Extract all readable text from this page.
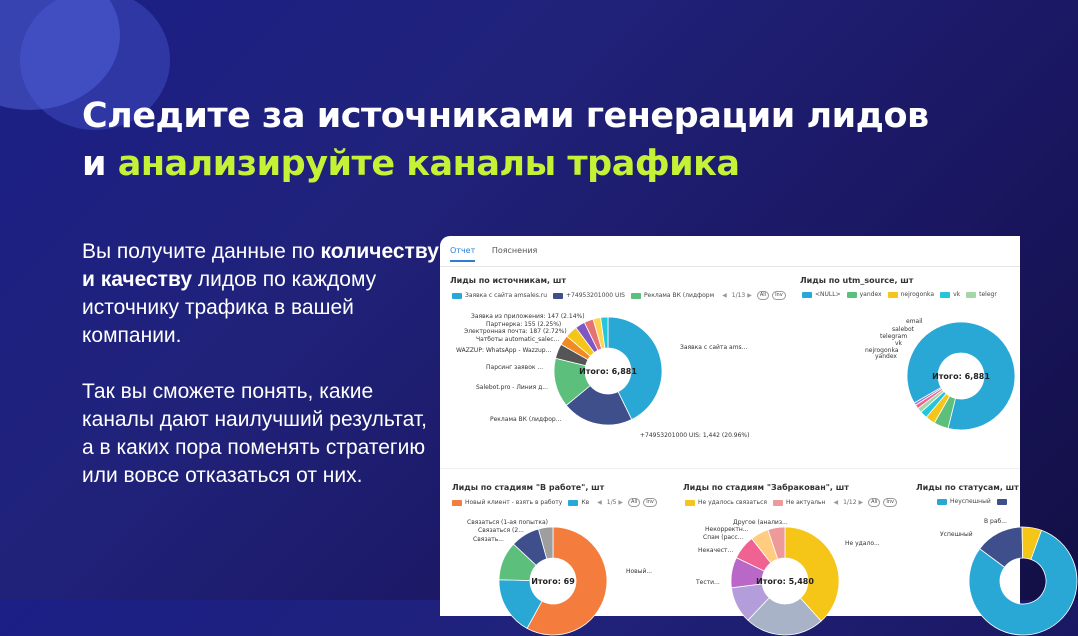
Следите за источниками генерации лидов и анализируйте каналы трафика

Вы получите данные по количеству и качеству лидов по каждому источнику трафика в вашей компании.

Так вы сможете понять, какие каналы дают наилучший результат, а в каких пора поменять стратегию или вовсе отказаться от них.

Отчет Пояснения
Лиды по источникам, шт
Заявка с сайта amsales.ru	+74953201000 UIS	Реклама ВК (лидформ ◀ 1/13 ▶	All	Inv
Итого: 6,881
Заявка с сайта ams...
+74953201000 UIS: 1,442 (20.96%)
Реклама ВК (лидфор...
Salebot.pro - Линия д...
Парсинг заявок ...
WAZZUP: WhatsApp - Wazzup...
Чатботы automatic_salec...
Электронная почта: 187 (2.72%)
Партнерка: 155 (2.25%)
Заявка из приложения: 147 (2.14%)
Лиды по utm_source, шт
<NULL>	yandex	nejrogonka	vk	telegr
Итого: 6,881
email
salebot
telegram
vk
nejrogonka
yandex
Лиды по стадиям "В работе", шт
Новый клиент - взять в работу	Кв ◀ 1/5 ▶	All	Inv
Итого: 69
Связаться (1-ая попытка)
Связаться (2...
Связать...
Новый...
Лиды по стадиям "Забракован", шт
Не удалось связаться	Не актуальн ◀ 1/12 ▶	All	Inv
Итого: 5,480
Другое (анализ...
Некорректн...
Спам (расс...
Некачест...
Тести...
Не удало...
Лиды по статусам, шт
Неуспешный
В раб...
Успешный
